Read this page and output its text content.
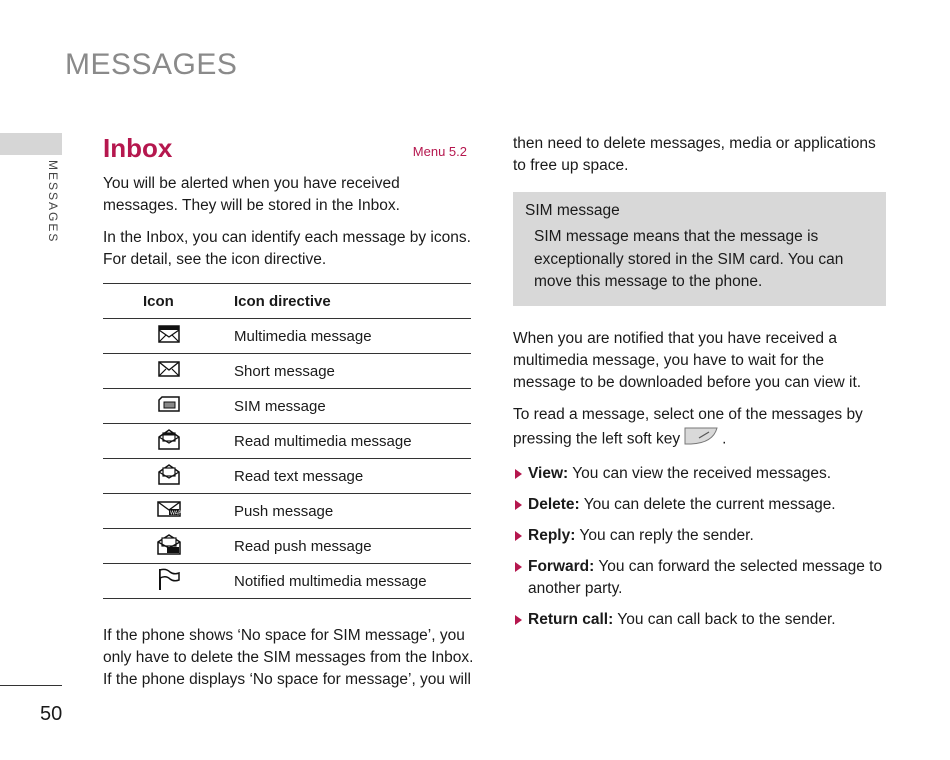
MESSAGES
MESSAGES
50
Inbox	Menu 5.2

You will be alerted when you have received messages. They will be stored in the Inbox.

In the Inbox, you can identify each message by icons. For detail, see the icon directive.

Icon	Icon directive
	Multimedia message
	Short message
	SIM message
	Read multimedia message
	Read text message

WAP	Push message
	Read push message
	Notified multimedia message

If the phone shows ‘No space for SIM message’, you only have to delete the SIM messages from the Inbox. If the phone displays ‘No space for message’, you will

then need to delete messages, media or applications to free up space.

SIM message
SIM message means that the message is exceptionally stored in the SIM card. You can move this message to the phone.

When you are notified that you have received a multimedia message, you have to wait for the message to be downloaded before you can view it.

To read a message, select one of the messages by pressing the left soft key	.

View: You can view the received messages.
Delete: You can delete the current message.
Reply: You can reply the sender.
Forward: You can forward the selected message to another party.
Return call: You can call back to the sender.
